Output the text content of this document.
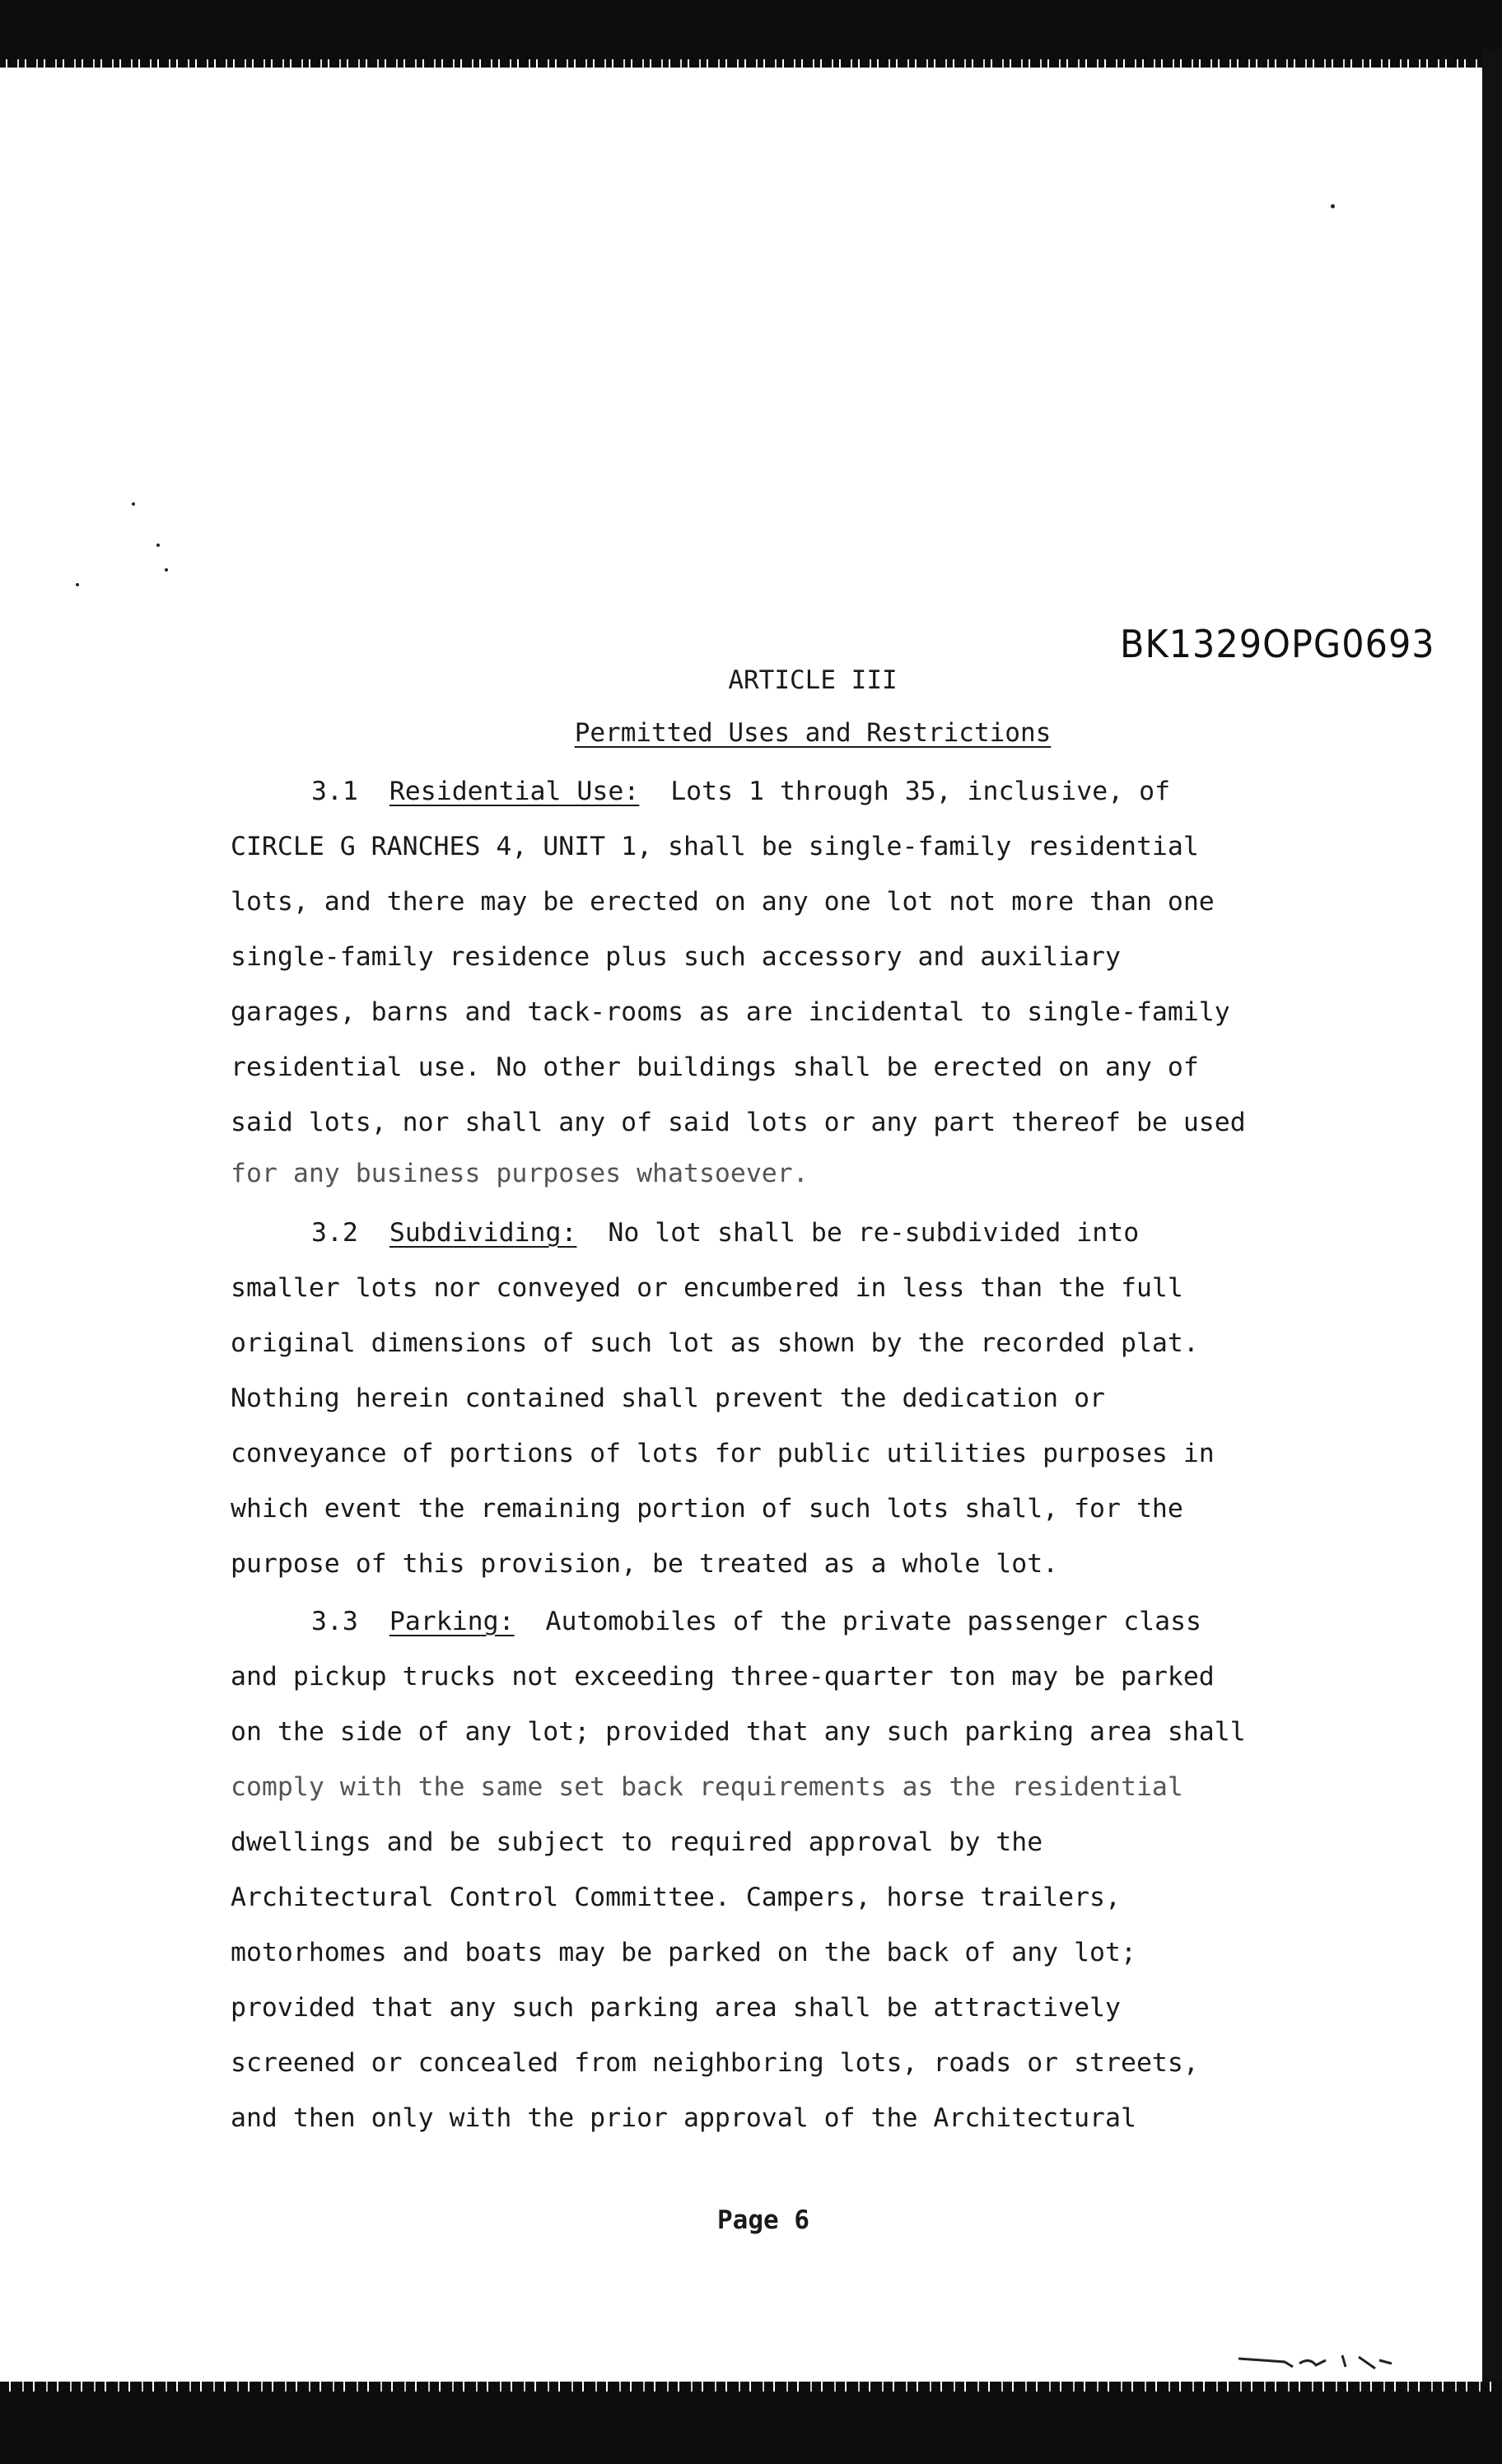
BK1329OPG0693
ARTICLE III
Permitted Uses and Restrictions
3.1 Residential Use: Lots 1 through 35, inclusive, of
CIRCLE G RANCHES 4, UNIT 1, shall be single-family residential
lots, and there may be erected on any one lot not more than one
single-family residence plus such accessory and auxiliary
garages, barns and tack-rooms as are incidental to single-family
residential use. No other buildings shall be erected on any of
said lots, nor shall any of said lots or any part thereof be used
for any business purposes whatsoever.
3.2 Subdividing: No lot shall be re-subdivided into
smaller lots nor conveyed or encumbered in less than the full
original dimensions of such lot as shown by the recorded plat.
Nothing herein contained shall prevent the dedication or
conveyance of portions of lots for public utilities purposes in
which event the remaining portion of such lots shall, for the
purpose of this provision, be treated as a whole lot.
3.3 Parking: Automobiles of the private passenger class
and pickup trucks not exceeding three-quarter ton may be parked
on the side of any lot; provided that any such parking area shall
comply with the same set back requirements as the residential
dwellings and be subject to required approval by the
Architectural Control Committee. Campers, horse trailers,
motorhomes and boats may be parked on the back of any lot;
provided that any such parking area shall be attractively
screened or concealed from neighboring lots, roads or streets,
and then only with the prior approval of the Architectural
Page 6
